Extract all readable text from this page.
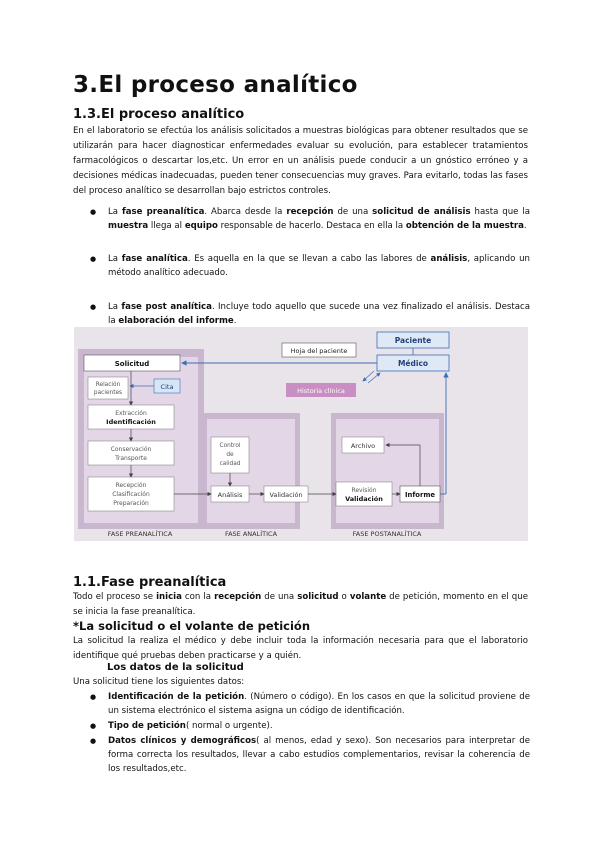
3.El proceso analítico
1.3.El proceso analítico

En el laboratorio se efectúa los análisis solicitados a muestras biológicas para obtener resultados que se utilizarán para hacer diagnosticar enfermedades evaluar su evolución, para establecer tratamientos farmacológicos o descartar los,etc. Un error en un análisis puede conducir a un gnóstico erróneo y a decisiones médicas inadecuadas, pueden tener consecuencias muy graves. Para evitarlo, todas las fases del proceso analítico se desarrollan bajo estrictos controles.

● La fase preanalítica. Abarca desde la recepción de una solicitud de análisis hasta que la muestra llega al equipo responsable de hacerlo. Destaca en ella la obtención de la muestra.
● La fase analítica. Es aquella en la que se llevan a cabo las labores de análisis, aplicando un método analítico adecuado.
● La fase post analítica. Incluye todo aquello que sucede una vez finalizado el análisis. Destaca la elaboración del informe.
Paciente
Médico
Hoja del paciente
Historia clínica
Solicitud
Relación
pacientes
Cita
Extracción
Identificación
Conservación
Transporte
Recepción
Clasificación
Preparación
Control
de
calidad
Análisis	Validación
Archivo
Revisión
Validación	Informe
FASE PREANALÍTICA	FASE ANALÍTICA	FASE POSTANALÍTICA
1.1.Fase preanalítica

Todo el proceso se inicia con la recepción de una solicitud o volante de petición, momento en el que se inicia la fase preanalítica.

*La solicitud o el volante de petición

La solicitud la realiza el médico y debe incluir toda la información necesaria para que el laboratorio identifique qué pruebas deben practicarse y a quién.

Los datos de la solicitud

Una solicitud tiene los siguientes datos:

● Identificación de la petición. (Número o código). En los casos en que la solicitud proviene de un sistema electrónico el sistema asigna un código de identificación.
● Tipo de petición( normal o urgente).
● Datos clínicos y demográficos( al menos, edad y sexo). Son necesarios para interpretar de forma correcta los resultados, llevar a cabo estudios complementarios, revisar la coherencia de los resultados,etc.
